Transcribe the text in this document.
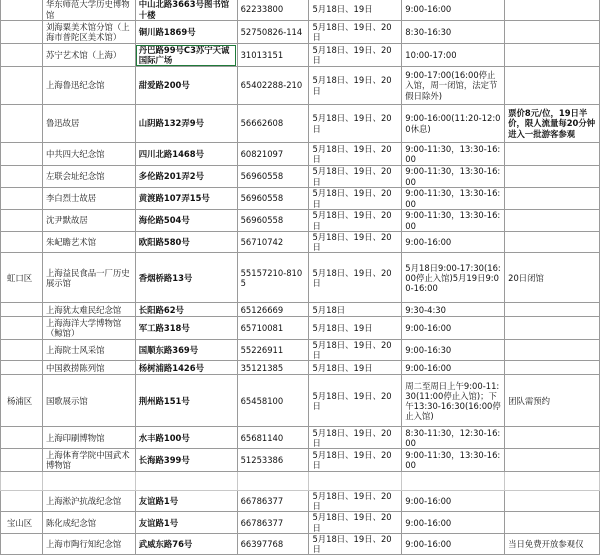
	华东师范大学历史博物馆	中山北路3663号图书馆十楼	62233800	5月18日、19日	9:00-16:00	
	刘海粟美术馆分馆（上海市普陀区美术馆）	铜川路1869号	52750826-114	5月18日、19日、20日	8:30-16:30	
	苏宁艺术馆（上海）	丹巴路99号C3苏宁天诚国际广场	31013151	5月18日、19日、20日	10:00-17:00	
	上海鲁迅纪念馆	甜爱路200号	65402288-210	5月18日、19日、20日	9:00-17:00(16:00停止入馆，周一闭馆，法定节假日除外)	
	鲁迅故居	山阴路132弄9号	56662608	5月18日、19日、20日	9:00-16:00(11:20-12:00休息)	票价8元/位，19日半价，限人流量每20分钟进入一批游客参观
	中共四大纪念馆	四川北路1468号	60821097	5月18日、19日、20日	9:00-11:30，13:30-16:00	
	左联会址纪念馆	多伦路201弄2号	56960558	5月18日、19日、20日	9:00-11:30，13:30-16:00	
	李白烈士故居	黄渡路107弄15号	56960558	5月18日、19日、20日	9:00-11:30，13:30-16:00	
	沈尹默故居	海伦路504号	56960558	5月18日、19日、20日	9:00-11:30，13:30-16:00	
	朱屺瞻艺术馆	欧阳路580号	56710742	5月18日、19日、20日	9:00-16:00	
虹口区	上海益民食品一厂历史展示馆	香烟桥路13号	55157210-8105	5月18日、19日、20日	5月18日9:00-17:30(16:00停止入馆)5月19日9:00-16:00	20日闭馆
	上海犹太难民纪念馆	长阳路62号	65126669	5月18日	9:30-4:30	
	上海海洋大学博物馆（鲸馆）	军工路318号	65710081	5月18日、19日	9:00-16:00	
	上海院士风采馆	国顺东路369号	55226911	5月18日、19日、20日	9:00-16:30	
	中国救捞陈列馆	杨树浦路1426号	35121385	5月18日、19日	9:00-16:00	
杨浦区	国歌展示馆	荆州路151号	65458100	5月18日、19日、20日	周二至周日上午9:00-11:30(11:00停止入馆)；下午13:30-16:30(16:00停止入馆)	团队需预约
	上海印刷博物馆	水丰路100号	65681140	5月18日、19日、20日	8:30-11:30，12:30-16:00	
	上海体育学院中国武术博物馆	长海路399号	51253386	5月18日、19日、20日	9:00-11:30，13:30-16:00	

	上海淞沪抗战纪念馆	友谊路1号	66786377	5月18日、19日、20日	9:00-16:00	
宝山区	陈化成纪念馆	友谊路1号	66786377	5月18日、19日、20日	9:00-16:00	
	上海市陶行知纪念馆	武威东路76号	66397768	5月18日、19日、20日	9:00-16:00	当日免费开放参观仅
